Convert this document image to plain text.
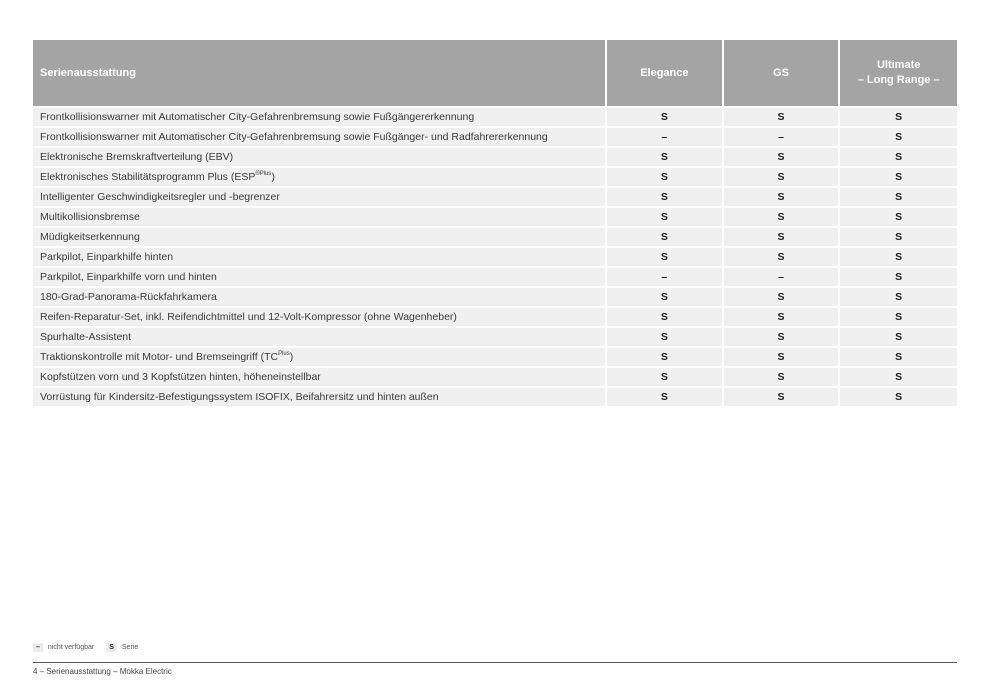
Serienausstattung	Elegance	GS	Ultimate
– Long Range –

Frontkollisionswarner mit Automatischer City-Gefahrenbremsung sowie Fußgängererkennung	S	S	S
Frontkollisionswarner mit Automatischer City-Gefahrenbremsung sowie Fußgänger- und Radfahrererkennung	–	–	S
Elektronische Bremskraftverteilung (EBV)	S	S	S
Elektronisches Stabilitätsprogramm Plus $(ESP^{®Plus})$	S	S	S
Intelligenter Geschwindigkeitsregler und -begrenzer	S	S	S
Multikollisionsbremse	S	S	S
Müdigkeitserkennung	S	S	S
Parkpilot, Einparkhilfe hinten	S	S	S
Parkpilot, Einparkhilfe vorn und hinten	–	–	S
180-Grad-Panorama-Rückfahrkamera	S	S	S
Reifen-Reparatur-Set, inkl. Reifendichtmittel und 12-Volt-Kompressor (ohne Wagenheber)	S	S	S
Spurhalte-Assistent	S	S	S
Traktionskontrolle mit Motor- und Bremseingriff $(TC^{Plus})$	S	S	S
Kopfstützen vorn und 3 Kopfstützen hinten, höheneinstellbar	S	S	S
Vorrüstung für Kindersitz-Befestigungssystem ISOFIX, Beifahrersitz und hinten außen	S	S	S
–	nicht verfügbar	S	Serie
4 – Serienausstattung – Mokka Electric
